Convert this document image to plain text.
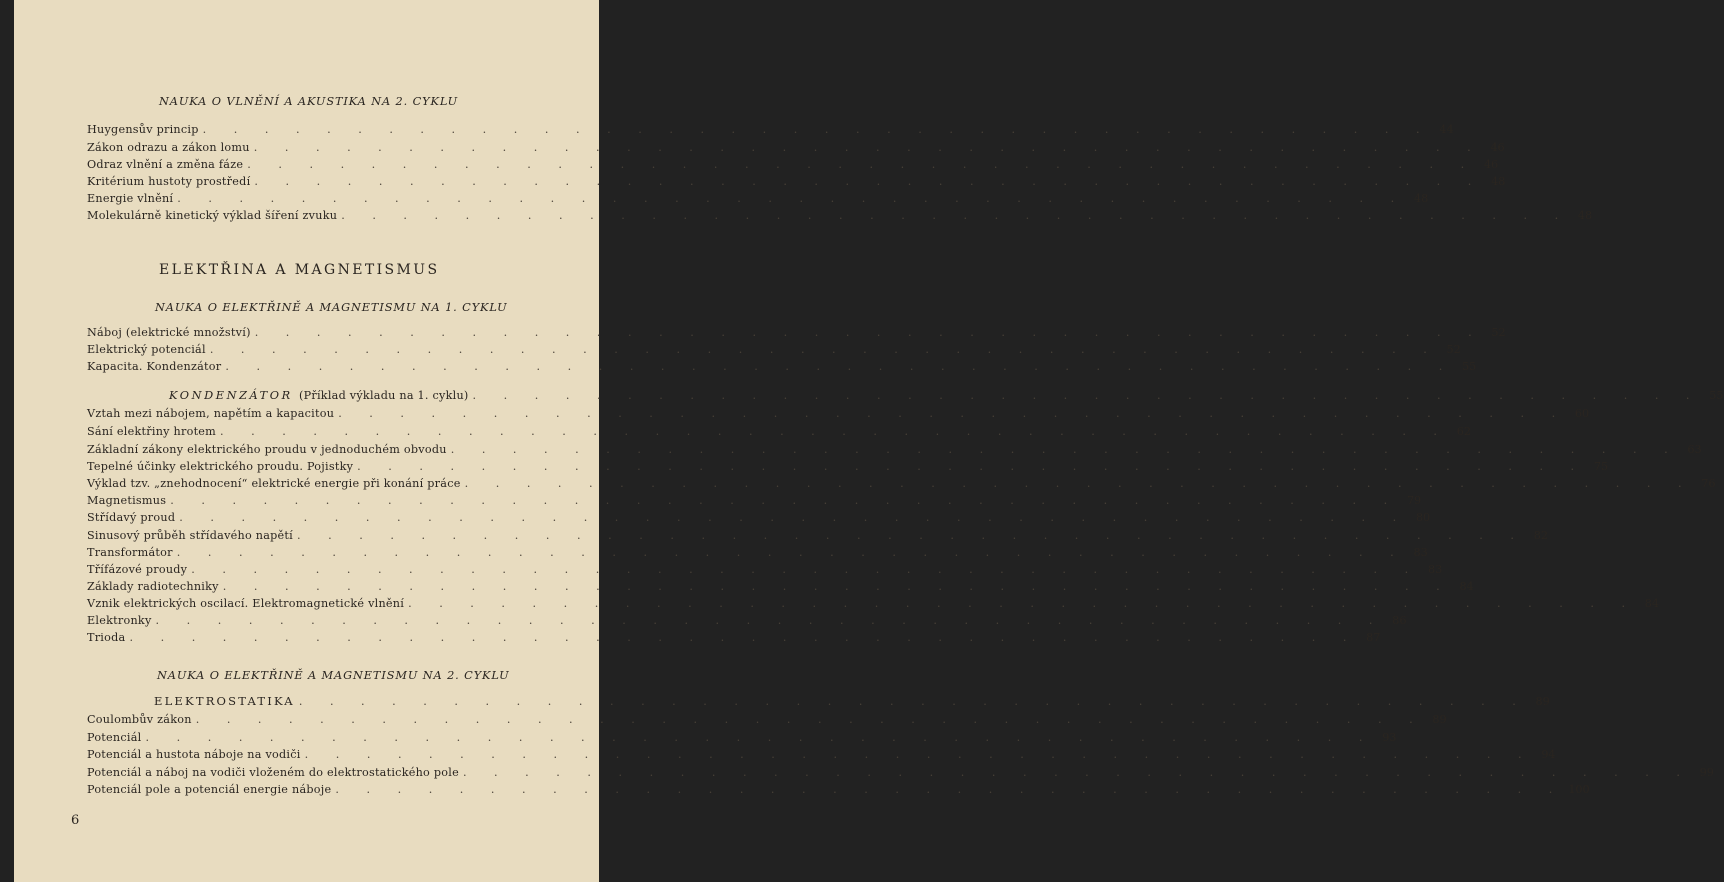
NAUKA O VLNĚNÍ A AKUSTIKA NA 2. CYKLU
Huygensův princip . . . . . . . . . . . . . . . . . . . . . . . . . . . . . . . . . . . . . . . . 44
Zákon odrazu a zákon lomu . . . . . . . . . . . . . . . . . . . . . . . . . . . . . . . . . . . . . . . . 46
Odraz vlnění a změna fáze . . . . . . . . . . . . . . . . . . . . . . . . . . . . . . . . . . . . . . . . 46
Kritérium hustoty prostředí . . . . . . . . . . . . . . . . . . . . . . . . . . . . . . . . . . . . . . . . 48
Energie vlnění . . . . . . . . . . . . . . . . . . . . . . . . . . . . . . . . . . . . . . . . 48
Molekulárně kinetický výklad šíření zvuku . . . . . . . . . . . . . . . . . . . . . . . . . . . . . . . . . . . . . . . . 48
ELEKTŘINA A MAGNETISMUS
NAUKA O ELEKTŘINĚ A MAGNETISMU NA 1. CYKLU
Náboj (elektrické množství) . . . . . . . . . . . . . . . . . . . . . . . . . . . . . . . . . . . . . . . . 52
Elektrický potenciál . . . . . . . . . . . . . . . . . . . . . . . . . . . . . . . . . . . . . . . . 52
Kapacita. Kondenzátor . . . . . . . . . . . . . . . . . . . . . . . . . . . . . . . . . . . . . . . . 55
KONDENZÁTOR (Příklad výkladu na 1. cyklu) . . . . . . . . . . . . . . . . . . . . . . . . . . . . . . . . . . . . . . . . 55
Vztah mezi nábojem, napětím a kapacitou . . . . . . . . . . . . . . . . . . . . . . . . . . . . . . . . . . . . . . . . 60
Sání elektřiny hrotem . . . . . . . . . . . . . . . . . . . . . . . . . . . . . . . . . . . . . . . . 62
Základní zákony elektrického proudu v jednoduchém obvodu . . . . . . . . . . . . . . . . . . . . . . . . . . . . . . . . . . . . . . . . 63
Tepelné účinky elektrického proudu. Pojistky . . . . . . . . . . . . . . . . . . . . . . . . . . . . . . . . . . . . . . . . 75
Výklad tzv. „znehodnocení“ elektrické energie při konání práce . . . . . . . . . . . . . . . . . . . . . . . . . . . . . . . . . . . . . . . . 76
Magnetismus . . . . . . . . . . . . . . . . . . . . . . . . . . . . . . . . . . . . . . . . 79
Střídavý proud . . . . . . . . . . . . . . . . . . . . . . . . . . . . . . . . . . . . . . . . 80
Sinusový průběh střídavého napětí . . . . . . . . . . . . . . . . . . . . . . . . . . . . . . . . . . . . . . . . 82
Transformátor . . . . . . . . . . . . . . . . . . . . . . . . . . . . . . . . . . . . . . . . 83
Třífázové proudy . . . . . . . . . . . . . . . . . . . . . . . . . . . . . . . . . . . . . . . . 83
Základy radiotechniky . . . . . . . . . . . . . . . . . . . . . . . . . . . . . . . . . . . . . . . . 84
Vznik elektrických oscilací. Elektromagnetické vlnění . . . . . . . . . . . . . . . . . . . . . . . . . . . . . . . . . . . . . . . . 84
Elektronky . . . . . . . . . . . . . . . . . . . . . . . . . . . . . . . . . . . . . . . . 86
Trioda . . . . . . . . . . . . . . . . . . . . . . . . . . . . . . . . . . . . . . . . 87
NAUKA O ELEKTŘINĚ A MAGNETISMU NA 2. CYKLU
ELEKTROSTATIKA . . . . . . . . . . . . . . . . . . . . . . . . . . . . . . . . . . . . . . . . 89
Coulombův zákon . . . . . . . . . . . . . . . . . . . . . . . . . . . . . . . . . . . . . . . . 89
Potenciál . . . . . . . . . . . . . . . . . . . . . . . . . . . . . . . . . . . . . . . . 93
Potenciál a hustota náboje na vodiči . . . . . . . . . . . . . . . . . . . . . . . . . . . . . . . . . . . . . . . . 94
Potenciál a náboj na vodiči vloženém do elektrostatického pole . . . . . . . . . . . . . . . . . . . . . . . . . . . . . . . . . . . . . . . . 99
Potenciál pole a potenciál energie náboje . . . . . . . . . . . . . . . . . . . . . . . . . . . . . . . . . . . . . . . . 100
6
